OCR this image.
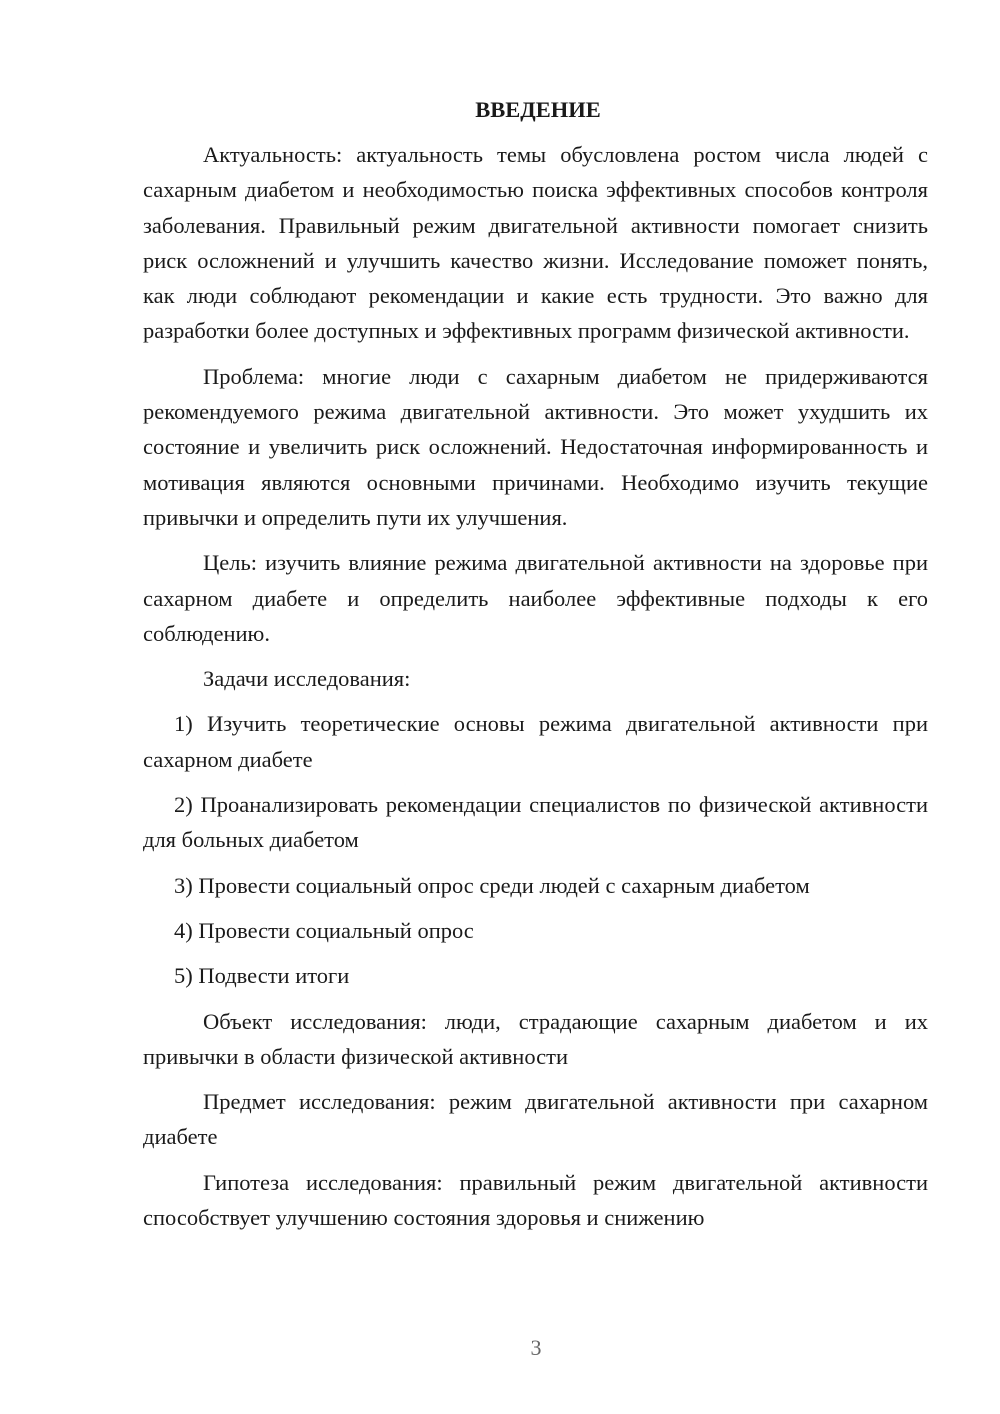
ВВЕДЕНИЕ

Актуальность: актуальность темы обусловлена ростом числа людей с сахарным диабетом и необходимостью поиска эффективных способов контроля заболевания. Правильный режим двигательной активности помогает снизить риск осложнений и улучшить качество жизни. Исследование поможет понять, как люди соблюдают рекомендации и какие есть трудности. Это важно для разработки более доступных и эффективных программ физической активности.

Проблема: многие люди с сахарным диабетом не придерживаются рекомендуемого режима двигательной активности. Это может ухудшить их состояние и увеличить риск осложнений. Недостаточная информированность и мотивация являются основными причинами. Необходимо изучить текущие привычки и определить пути их улучшения.

Цель: изучить влияние режима двигательной активности на здоровье при сахарном диабете и определить наиболее эффективные подходы к его соблюдению.

Задачи исследования:

1) Изучить теоретические основы режима двигательной активности при сахарном диабете

2) Проанализировать рекомендации специалистов по физической активности для больных диабетом

3) Провести социальный опрос среди людей с сахарным диабетом

4) Провести социальный опрос

5) Подвести итоги

Объект исследования: люди, страдающие сахарным диабетом и их привычки в области физической активности

Предмет исследования: режим двигательной активности при сахарном диабете

Гипотеза исследования: правильный режим двигательной активности способствует улучшению состояния здоровья и снижению

3
